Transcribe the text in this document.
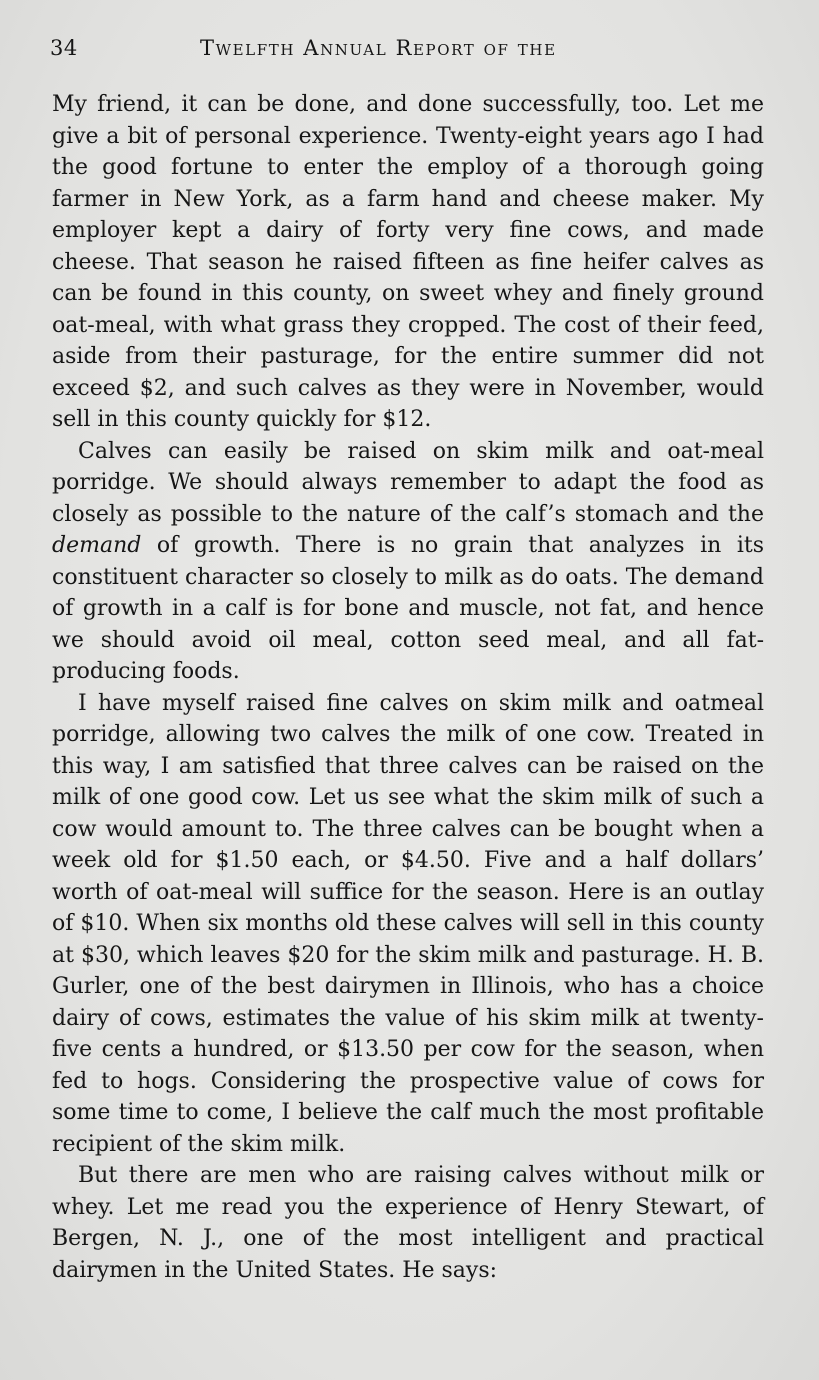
34	Twelfth Annual Report of the

My friend, it can be done, and done successfully, too. Let me give a bit of personal experience. Twenty-eight years ago I had the good fortune to enter the employ of a thorough going farmer in New York, as a farm hand and cheese maker. My employer kept a dairy of forty very fine cows, and made cheese. That season he raised fifteen as fine heifer calves as can be found in this county, on sweet whey and finely ground oat-meal, with what grass they cropped. The cost of their feed, aside from their pasturage, for the entire summer did not exceed $2, and such calves as they were in November, would sell in this county quickly for $12.

Calves can easily be raised on skim milk and oat-meal porridge. We should always remember to adapt the food as closely as possible to the nature of the calf’s stomach and the demand of growth. There is no grain that analyzes in its constituent character so closely to milk as do oats. The demand of growth in a calf is for bone and muscle, not fat, and hence we should avoid oil meal, cotton seed meal, and all fat-producing foods.

I have myself raised fine calves on skim milk and oatmeal porridge, allowing two calves the milk of one cow. Treated in this way, I am satisfied that three calves can be raised on the milk of one good cow. Let us see what the skim milk of such a cow would amount to. The three calves can be bought when a week old for $1.50 each, or $4.50. Five and a half dollars’ worth of oat-meal will suffice for the season. Here is an outlay of $10. When six months old these calves will sell in this county at $30, which leaves $20 for the skim milk and pasturage. H. B. Gurler, one of the best dairymen in Illinois, who has a choice dairy of cows, estimates the value of his skim milk at twenty-five cents a hundred, or $13.50 per cow for the season, when fed to hogs. Considering the prospective value of cows for some time to come, I believe the calf much the most profitable recipient of the skim milk.

But there are men who are raising calves without milk or whey. Let me read you the experience of Henry Stewart, of Bergen, N. J., one of the most intelligent and practical dairymen in the United States. He says:
